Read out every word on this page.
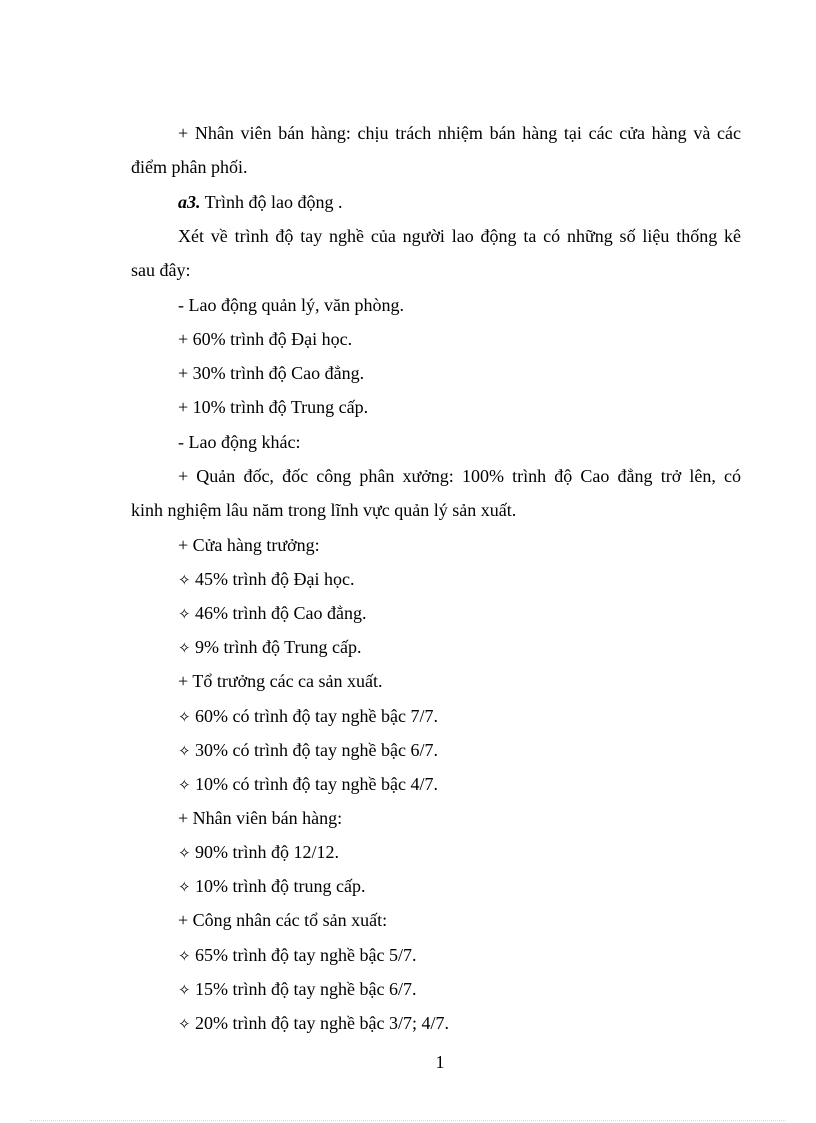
+ Nhân viên bán hàng: chịu trách nhiệm bán hàng tại các cửa hàng và các
điểm phân phối.
a3. Trình độ lao động .
Xét về trình độ tay nghề của người lao động ta có những số liệu thống kê
sau đây:
- Lao động quản lý, văn phòng.
+ 60% trình độ Đại học.
+ 30% trình độ Cao đẳng.
+ 10% trình độ Trung cấp.
- Lao động khác:
+ Quản đốc, đốc công phân xưởng: 100% trình độ Cao đẳng trở lên, có
kinh nghiệm lâu năm trong lĩnh vực quản lý sản xuất.
+ Cửa hàng trưởng:
✧ 45% trình độ Đại học.
✧ 46% trình độ Cao đẳng.
✧ 9% trình độ Trung cấp.
+ Tổ trưởng các ca sản xuất.
✧ 60% có trình độ tay nghề bậc 7/7.
✧ 30% có trình độ tay nghề bậc 6/7.
✧ 10% có trình độ tay nghề bậc 4/7.
+ Nhân viên bán hàng:
✧ 90% trình độ 12/12.
✧ 10% trình độ trung cấp.
+ Công nhân các tổ sản xuất:
✧ 65% trình độ tay nghề bậc 5/7.
✧ 15% trình độ tay nghề bậc 6/7.
✧ 20% trình độ tay nghề bậc 3/7; 4/7.
1
